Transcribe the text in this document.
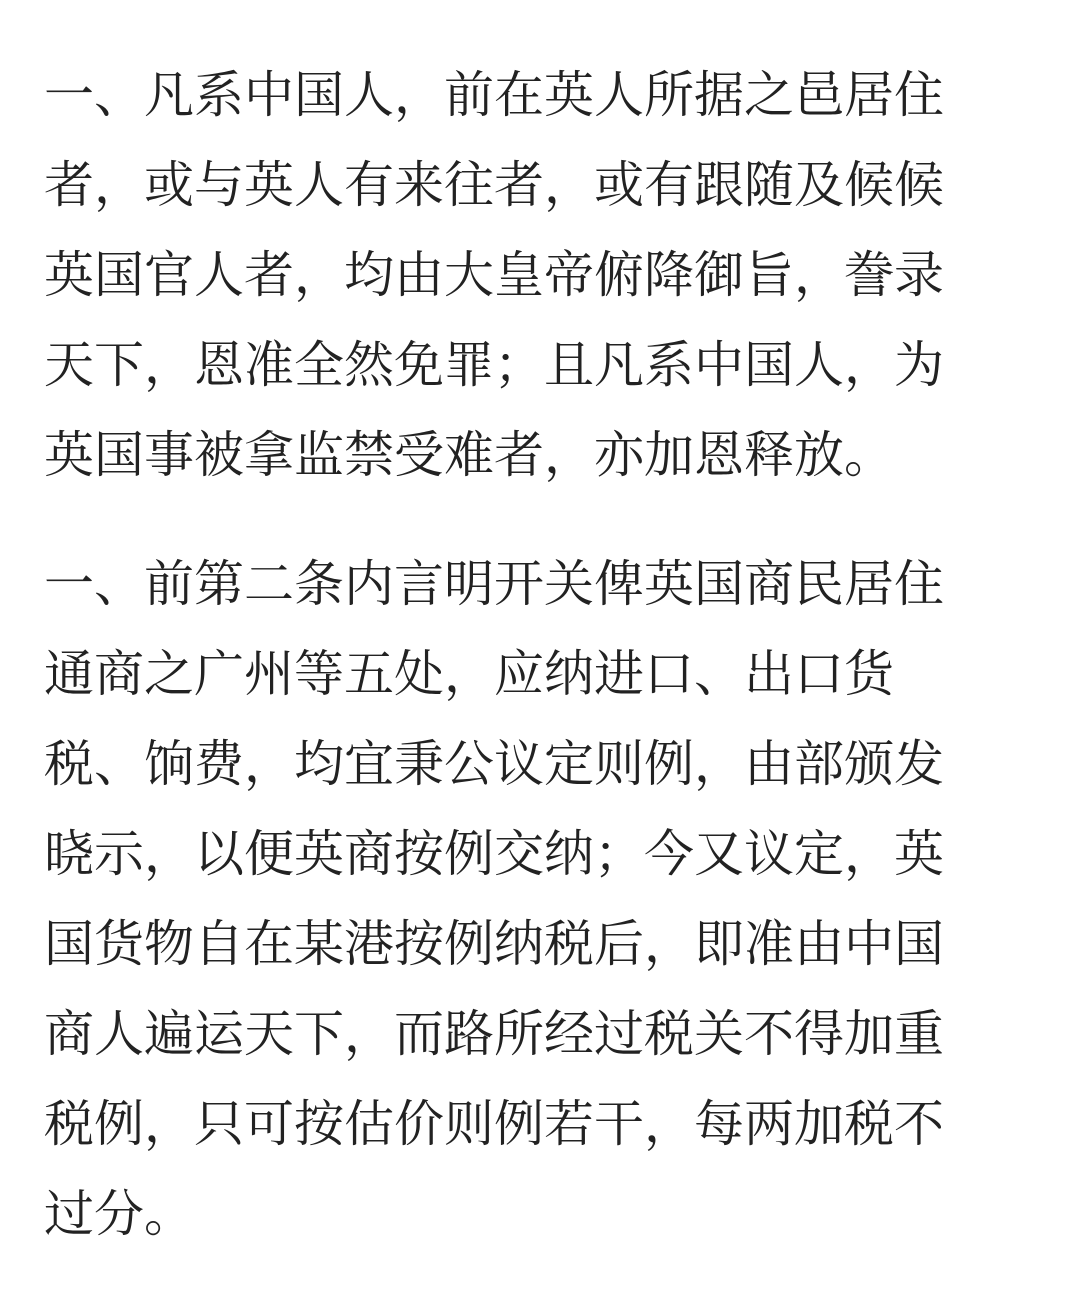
一、凡系中国人，前在英人所据之邑居住
者，或与英人有来往者，或有跟随及候候
英国官人者，均由大皇帝俯降御旨，誊录
天下，恩准全然免罪；且凡系中国人，为
英国事被拿监禁受难者，亦加恩释放。
一、前第二条内言明开关俾英国商民居住
通商之广州等五处，应纳进口、出口货
税、饷费，均宜秉公议定则例，由部颁发
晓示，以便英商按例交纳；今又议定，英
国货物自在某港按例纳税后，即准由中国
商人遍运天下，而路所经过税关不得加重
税例，只可按估价则例若干，每两加税不
过分。
